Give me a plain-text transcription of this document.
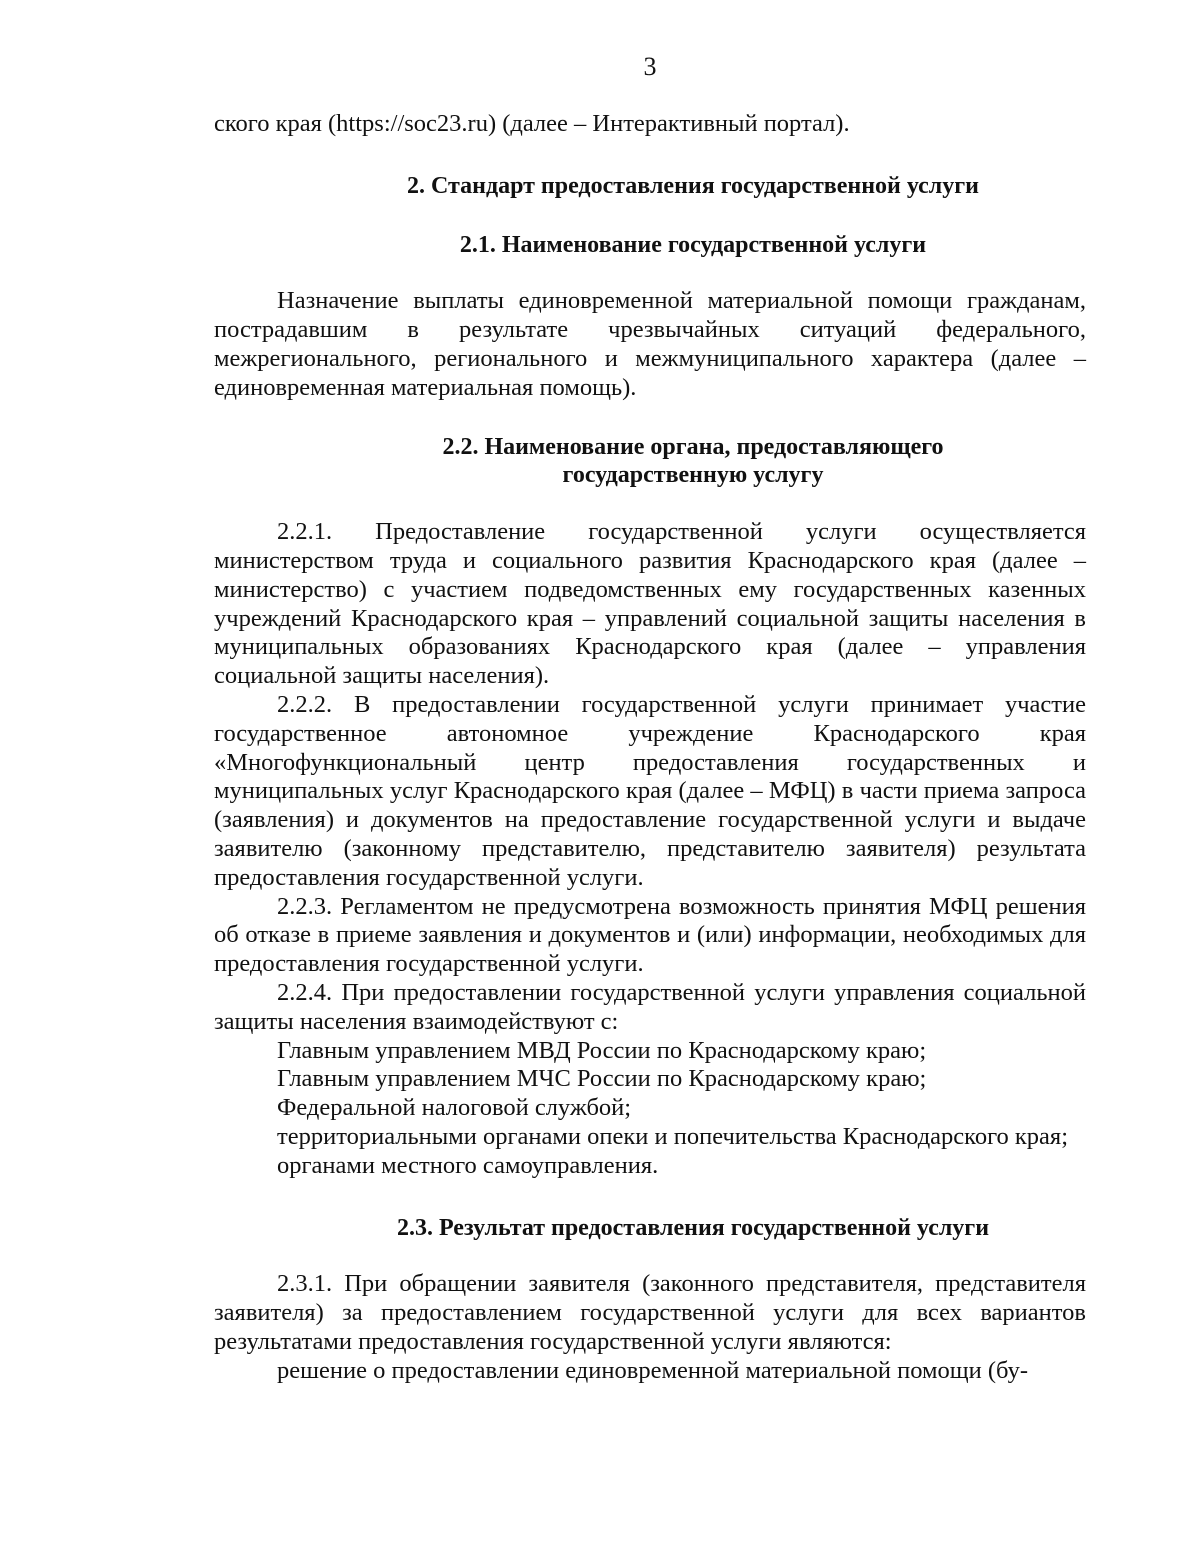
3

ского края (https://soc23.ru) (далее – Интерактивный портал).

2. Стандарт предоставления государственной услуги
2.1. Наименование государственной услуги

Назначение выплаты единовременной материальной помощи гражданам, пострадавшим в результате чрезвычайных ситуаций федерального, межрегионального, регионального и межмуниципального характера (далее – единовременная материальная помощь).

2.2. Наименование органа, предоставляющего
государственную услугу

2.2.1. Предоставление государственной услуги осуществляется министерством труда и социального развития Краснодарского края (далее – министерство) с участием подведомственных ему государственных казенных учреждений Краснодарского края – управлений социальной защиты населения в муниципальных образованиях Краснодарского края (далее – управления социальной защиты населения).

2.2.2. В предоставлении государственной услуги принимает участие государственное автономное учреждение Краснодарского края «Многофункциональный центр предоставления государственных и муниципальных услуг Краснодарского края (далее – МФЦ) в части приема запроса (заявления) и документов на предоставление государственной услуги и выдаче заявителю (законному представителю, представителю заявителя) результата предоставления государственной услуги.

2.2.3. Регламентом не предусмотрена возможность принятия МФЦ решения об отказе в приеме заявления и документов и (или) информации, необходимых для предоставления государственной услуги.

2.2.4. При предоставлении государственной услуги управления социальной защиты населения взаимодействуют с:

Главным управлением МВД России по Краснодарскому краю;

Главным управлением МЧС России по Краснодарскому краю;

Федеральной налоговой службой;

территориальными органами опеки и попечительства Краснодарского края;

органами местного самоуправления.

2.3. Результат предоставления государственной услуги

2.3.1. При обращении заявителя (законного представителя, представителя заявителя) за предоставлением государственной услуги для всех вариантов результатами предоставления государственной услуги являются:

решение о предоставлении единовременной материальной помощи (бу-
